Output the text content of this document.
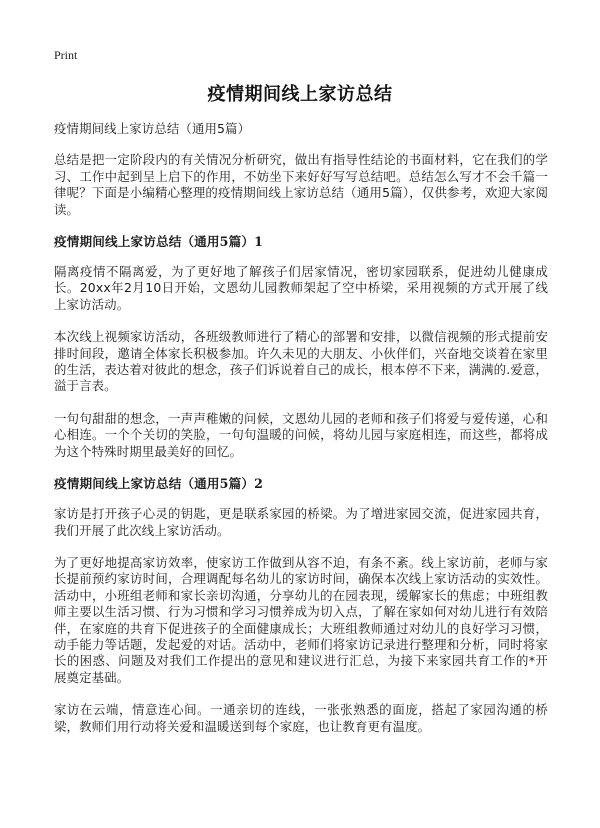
Print
疫情期间线上家访总结

疫情期间线上家访总结（通用5篇）

总结是把一定阶段内的有关情况分析研究，做出有指导性结论的书面材料，它在我们的学习、工作中起到呈上启下的作用，不妨坐下来好好写写总结吧。总结怎么写才不会千篇一律呢？下面是小编精心整理的疫情期间线上家访总结（通用5篇），仅供参考，欢迎大家阅读。

疫情期间线上家访总结（通用5篇）1

隔离疫情不隔离爱，为了更好地了解孩子们居家情况，密切家园联系，促进幼儿健康成长。20xx年2月10日开始，文恩幼儿园教师架起了空中桥梁，采用视频的方式开展了线上家访活动。

本次线上视频家访活动，各班级教师进行了精心的部署和安排，以微信视频的形式提前安排时间段，邀请全体家长积极参加。许久未见的大朋友、小伙伴们，兴奋地交谈着在家里的生活，表达着对彼此的想念，孩子们诉说着自己的成长，根本停不下来，满满的.爱意，溢于言表。

一句句甜甜的想念，一声声稚嫩的问候，文恩幼儿园的老师和孩子们将爱与爱传递，心和心相连。一个个关切的笑脸，一句句温暖的问候，将幼儿园与家庭相连，而这些，都将成为这个特殊时期里最美好的回忆。

疫情期间线上家访总结（通用5篇）2

家访是打开孩子心灵的钥匙，更是联系家园的桥梁。为了增进家园交流，促进家园共育，我们开展了此次线上家访活动。

为了更好地提高家访效率，使家访工作做到从容不迫，有条不紊。线上家访前，老师与家长提前预约家访时间，合理调配每名幼儿的家访时间，确保本次线上家访活动的实效性。活动中，小班组老师和家长亲切沟通，分享幼儿的在园表现，缓解家长的焦虑；中班组教师主要以生活习惯、行为习惯和学习习惯养成为切入点，了解在家如何对幼儿进行有效陪伴，在家庭的共育下促进孩子的全面健康成长；大班组教师通过对幼儿的良好学习习惯，动手能力等话题，发起爱的对话。活动中，老师们将家访记录进行整理和分析，同时将家长的困惑、问题及对我们工作提出的意见和建议进行汇总，为接下来家园共育工作的*开展奠定基础。

家访在云端，情意连心间。一通亲切的连线，一张张熟悉的面庞，搭起了家园沟通的桥梁，教师们用行动将关爱和温暖送到每个家庭，也让教育更有温度。
